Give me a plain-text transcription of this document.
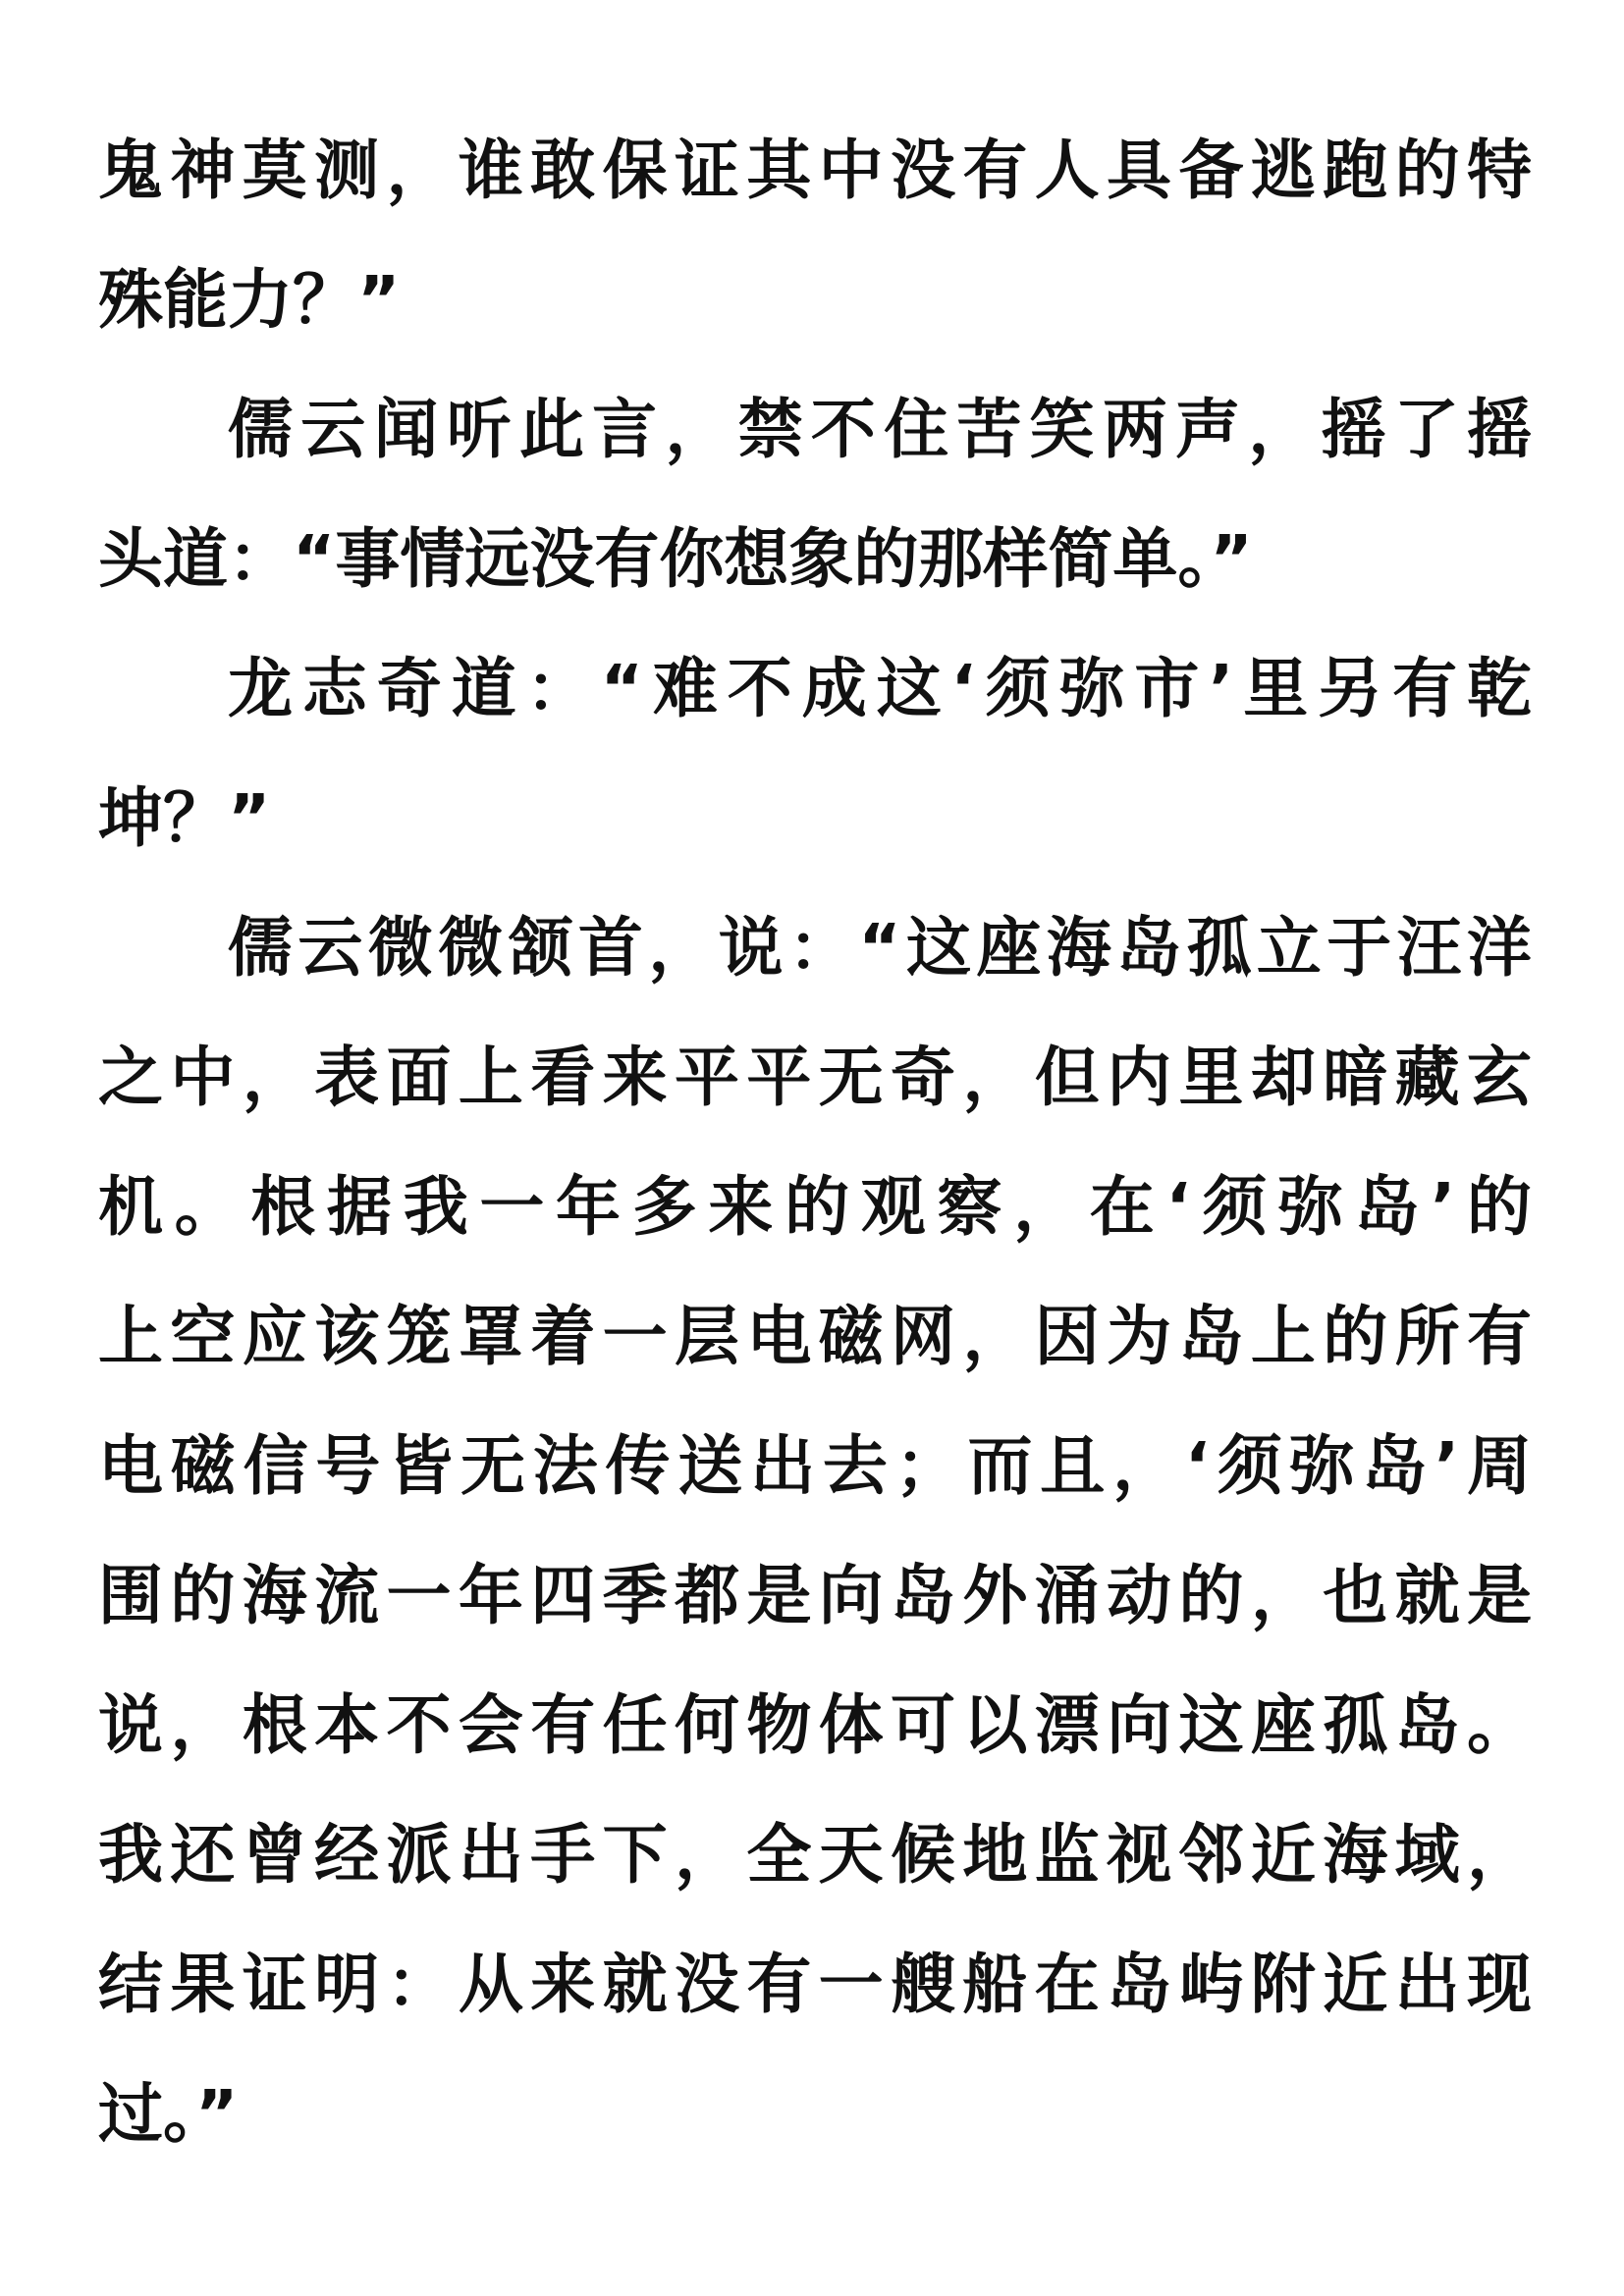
鬼神莫测，谁敢保证其中没有人具备逃跑的特
殊能力？”
儒云闻听此言，禁不住苦笑两声，摇了摇
头道：“事情远没有你想象的那样简单。”
龙志奇道：“难不成这‘须弥市’里另有乾
坤？”
儒云微微颔首，说：“这座海岛孤立于汪洋
之中，表面上看来平平无奇，但内里却暗藏玄
机。根据我一年多来的观察，在‘须弥岛’的
上空应该笼罩着一层电磁网，因为岛上的所有
电磁信号皆无法传送出去；而且，‘须弥岛’周
围的海流一年四季都是向岛外涌动的，也就是
说，根本不会有任何物体可以漂向这座孤岛。
我还曾经派出手下，全天候地监视邻近海域，
结果证明：从来就没有一艘船在岛屿附近出现
过。”
